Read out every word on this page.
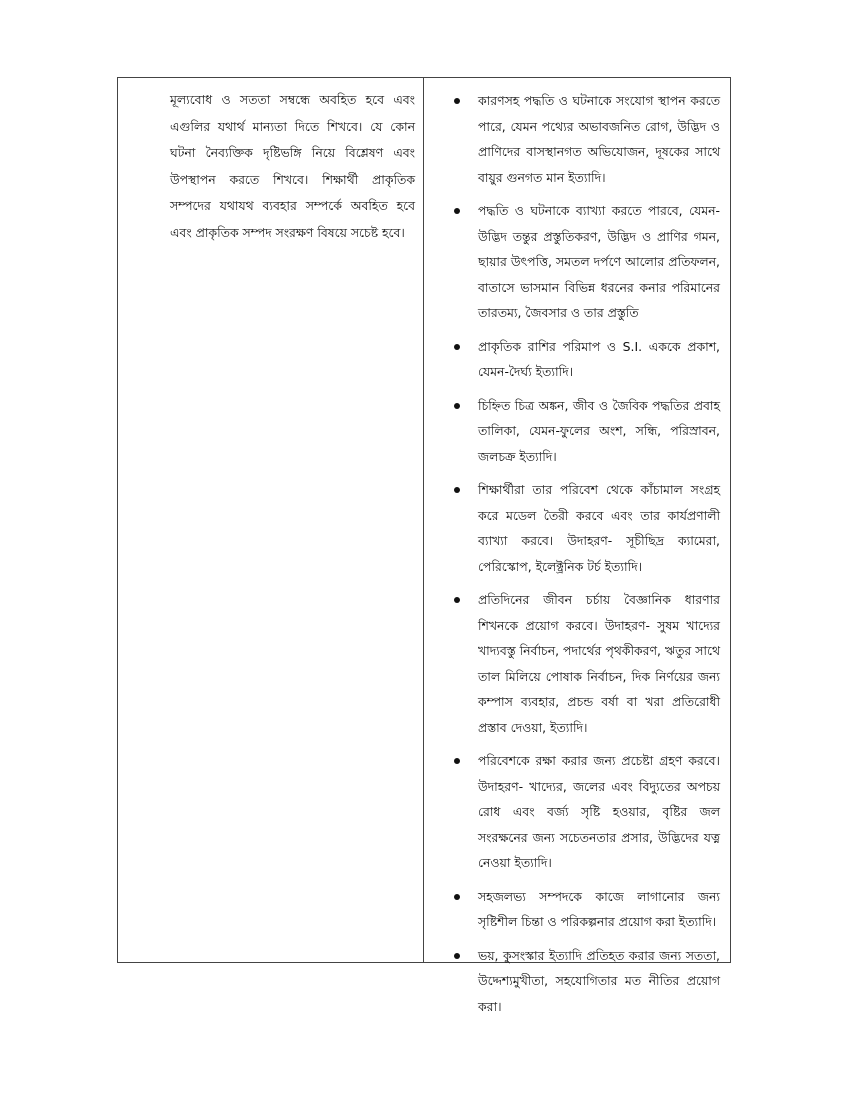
মূল্যবোধ ও সততা সম্বন্ধে অবহিত হবে এবং এগুলির যথার্থ মান্যতা দিতে শিখবে। যে কোন ঘটনা নৈব্যক্তিক দৃষ্টিভঙ্গি নিয়ে বিশ্লেষণ এবং উপস্থাপন করতে শিখবে। শিক্ষার্থী প্রাকৃতিক সম্পদের যথাযথ ব্যবহার সম্পর্কে অবহিত হবে এবং প্রাকৃতিক সম্পদ সংরক্ষণ বিষয়ে সচেষ্ট হবে।

কারণসহ পদ্ধতি ও ঘটনাকে সংযোগ স্থাপন করতে পারে, যেমন পথ্যের অভাবজনিত রোগ, উদ্ভিদ ও প্রাণিদের বাসস্থানগত অভিযোজন, দূষকের সাথে বায়ুর গুনগত মান ইত্যাদি।
পদ্ধতি ও ঘটনাকে ব্যাখ্যা করতে পারবে, যেমন- উদ্ভিদ তন্তুর প্রস্তুতিকরণ, উদ্ভিদ ও প্রাণির গমন, ছায়ার উৎপত্তি, সমতল দর্পণে আলোর প্রতিফলন, বাতাসে ভাসমান বিভিন্ন ধরনের কনার পরিমানের তারতম্য, জৈবসার ও তার প্রস্তুতি
প্রাকৃতিক রাশির পরিমাপ ও S.I. এককে প্রকাশ, যেমন-দৈর্ঘ্য ইত্যাদি।
চিহ্নিত চিত্র অঙ্কন, জীব ও জৈবিক পদ্ধতির প্রবাহ তালিকা, যেমন-ফুলের অংশ, সন্ধি, পরিস্রাবন, জলচক্র ইত্যাদি।
শিক্ষার্থীরা তার পরিবেশ থেকে কাঁচামাল সংগ্রহ করে মডেল তৈরী করবে এবং তার কার্যপ্রণালী ব্যাখ্যা করবে। উদাহরণ- সূচীছিদ্র ক্যামেরা, পেরিস্কোপ, ইলেক্ট্রনিক টর্চ ইত্যাদি।
প্রতিদিনের জীবন চর্চায় বৈজ্ঞানিক ধারণার শিখনকে প্রয়োগ করবে। উদাহরণ- সুষম খাদ্যের খাদ্যবস্তু নির্বাচন, পদার্থের পৃথকীকরণ, ঋতুর সাথে তাল মিলিয়ে পোষাক নির্বাচন, দিক নির্ণয়ের জন্য কম্পাস ব্যবহার, প্রচন্ড বর্ষা বা খরা প্রতিরোধী প্রস্তাব দেওয়া, ইত্যাদি।
পরিবেশকে রক্ষা করার জন্য প্রচেষ্টা গ্রহণ করবে। উদাহরণ- খাদ্যের, জলের এবং বিদ্যুতের অপচয় রোধ এবং বর্জ্য সৃষ্টি হওয়ার, বৃষ্টির জল সংরক্ষনের জন্য সচেতনতার প্রসার, উদ্ভিদের যত্ন নেওয়া ইত্যাদি।
সহজলভ্য সম্পদকে কাজে লাগানোর জন্য সৃষ্টিশীল চিন্তা ও পরিকল্পনার প্রয়োগ করা ইত্যাদি।
ভয়, কুসংস্কার ইত্যাদি প্রতিহত করার জন্য সততা, উদ্দেশ্যমুখীতা, সহযোগিতার মত নীতির প্রয়োগ করা।
